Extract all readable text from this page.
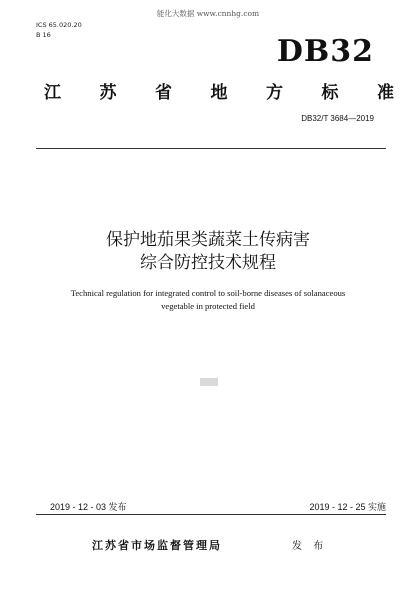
能化大数据 www.cnnhg.com
ICS 65.020.20
B 16	DB32
江 苏 省 地 方 标 准
DB32/T 3684—2019
保护地茄果类蔬菜土传病害
综合防控技术规程
Technical regulation for integrated control to soil-borne diseases of solanaceous
vegetable in protected field
2019 - 12 - 03 发布	2019 - 12 - 25 实施
江苏省市场监督管理局	发 布
